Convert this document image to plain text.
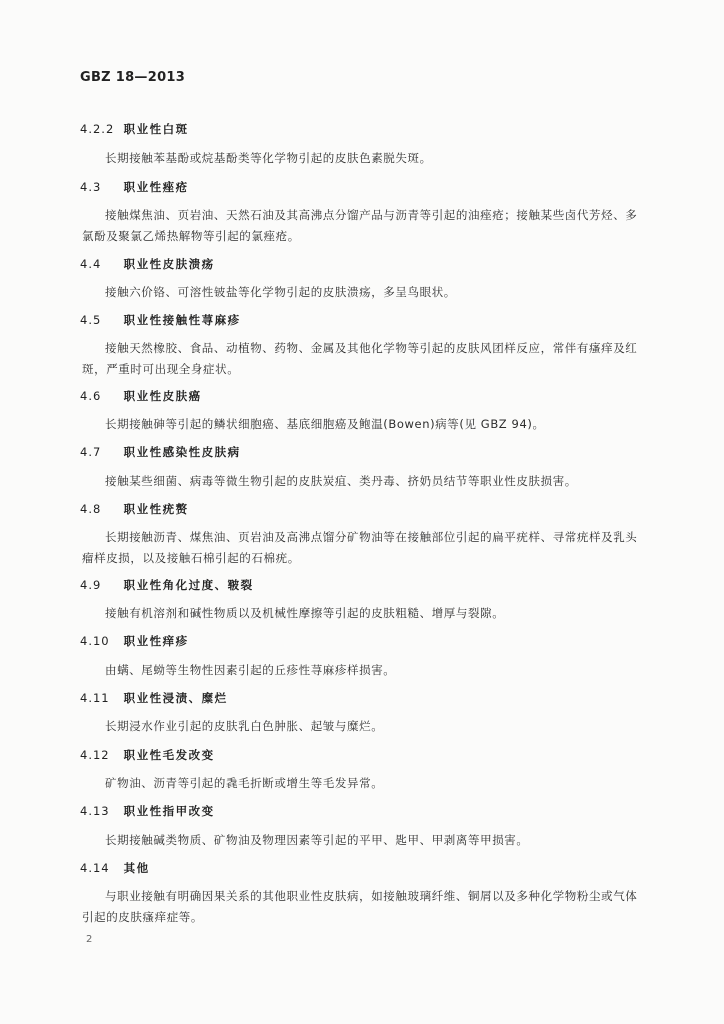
GBZ 18—2013
4.2.2 职业性白斑
长期接触苯基酚或烷基酚类等化学物引起的皮肤色素脱失斑。
4.3 职业性痤疮
接触煤焦油、页岩油、天然石油及其高沸点分馏产品与沥青等引起的油痤疮；接触某些卤代芳烃、多氯酚及聚氯乙烯热解物等引起的氯痤疮。
4.4 职业性皮肤溃疡
接触六价铬、可溶性铍盐等化学物引起的皮肤溃疡，多呈鸟眼状。
4.5 职业性接触性荨麻疹
接触天然橡胶、食品、动植物、药物、金属及其他化学物等引起的皮肤风团样反应，常伴有瘙痒及红斑，严重时可出现全身症状。
4.6 职业性皮肤癌
长期接触砷等引起的鳞状细胞癌、基底细胞癌及鲍温(Bowen)病等(见 GBZ 94)。
4.7 职业性感染性皮肤病
接触某些细菌、病毒等微生物引起的皮肤炭疽、类丹毒、挤奶员结节等职业性皮肤损害。
4.8 职业性疣赘
长期接触沥青、煤焦油、页岩油及高沸点馏分矿物油等在接触部位引起的扁平疣样、寻常疣样及乳头瘤样皮损，以及接触石棉引起的石棉疣。
4.9 职业性角化过度、皲裂
接触有机溶剂和碱性物质以及机械性摩擦等引起的皮肤粗糙、增厚与裂隙。
4.10 职业性痒疹
由螨、尾蚴等生物性因素引起的丘疹性荨麻疹样损害。
4.11 职业性浸渍、糜烂
长期浸水作业引起的皮肤乳白色肿胀、起皱与糜烂。
4.12 职业性毛发改变
矿物油、沥青等引起的毳毛折断或增生等毛发异常。
4.13 职业性指甲改变
长期接触碱类物质、矿物油及物理因素等引起的平甲、匙甲、甲剥离等甲损害。
4.14 其他
与职业接触有明确因果关系的其他职业性皮肤病，如接触玻璃纤维、铜屑以及多种化学物粉尘或气体引起的皮肤瘙痒症等。
2
